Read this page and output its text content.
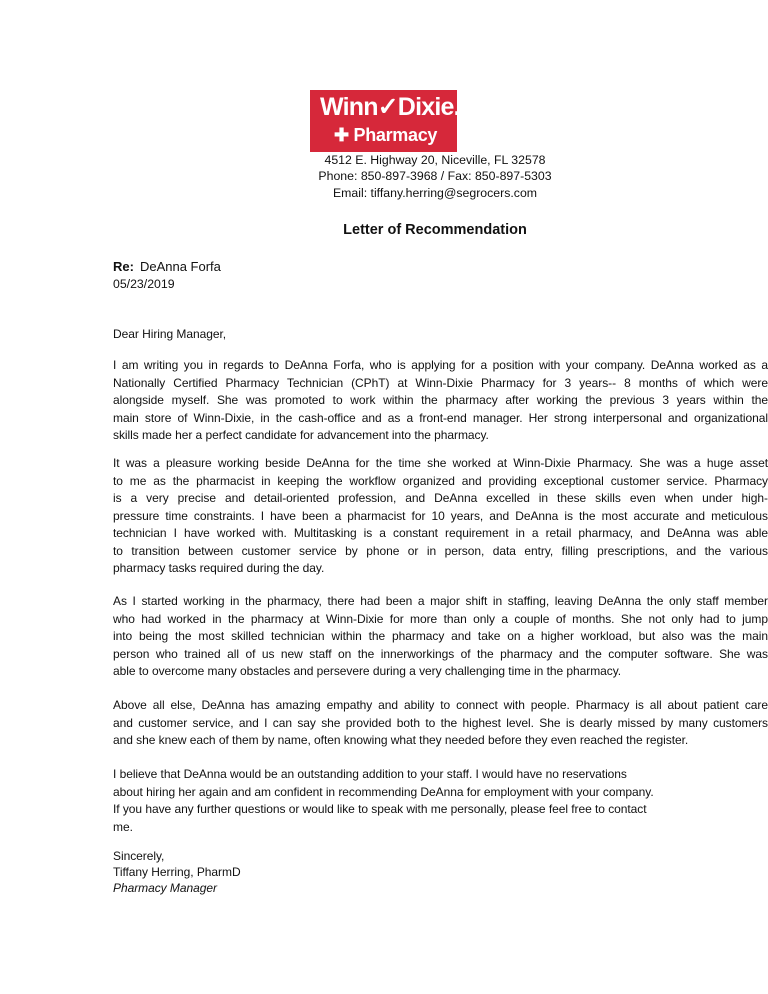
Winn✓Dixie.
✚ Pharmacy
4512 E. Highway 20, Niceville, FL 32578
Phone: 850-897-3968 / Fax: 850-897-5303
Email: tiffany.herring@segrocers.com
Letter of Recommendation
Re: DeAnna Forfa
05/23/2019
Dear Hiring Manager,
I am writing you in regards to DeAnna Forfa, who is applying for a position with your company. DeAnna worked as a
Nationally Certified Pharmacy Technician (CPhT) at Winn-Dixie Pharmacy for 3 years-- 8 months of which were
alongside myself. She was promoted to work within the pharmacy after working the previous 3 years within the
main store of Winn-Dixie, in the cash-office and as a front-end manager. Her strong interpersonal and organizational
skills made her a perfect candidate for advancement into the pharmacy.
It was a pleasure working beside DeAnna for the time she worked at Winn-Dixie Pharmacy. She was a huge asset
to me as the pharmacist in keeping the workflow organized and providing exceptional customer service. Pharmacy
is a very precise and detail-oriented profession, and DeAnna excelled in these skills even when under high-
pressure time constraints. I have been a pharmacist for 10 years, and DeAnna is the most accurate and meticulous
technician I have worked with. Multitasking is a constant requirement in a retail pharmacy, and DeAnna was able
to transition between customer service by phone or in person, data entry, filling prescriptions, and the various
pharmacy tasks required during the day.
As I started working in the pharmacy, there had been a major shift in staffing, leaving DeAnna the only staff member
who had worked in the pharmacy at Winn-Dixie for more than only a couple of months. She not only had to jump
into being the most skilled technician within the pharmacy and take on a higher workload, but also was the main
person who trained all of us new staff on the innerworkings of the pharmacy and the computer software. She was
able to overcome many obstacles and persevere during a very challenging time in the pharmacy.
Above all else, DeAnna has amazing empathy and ability to connect with people. Pharmacy is all about patient care
and customer service, and I can say she provided both to the highest level. She is dearly missed by many customers
and she knew each of them by name, often knowing what they needed before they even reached the register.
I believe that DeAnna would be an outstanding addition to your staff. I would have no reservations
about hiring her again and am confident in recommending DeAnna for employment with your company.
If you have any further questions or would like to speak with me personally, please feel free to contact
me.
Sincerely,
Tiffany Herring, PharmD
Pharmacy Manager
